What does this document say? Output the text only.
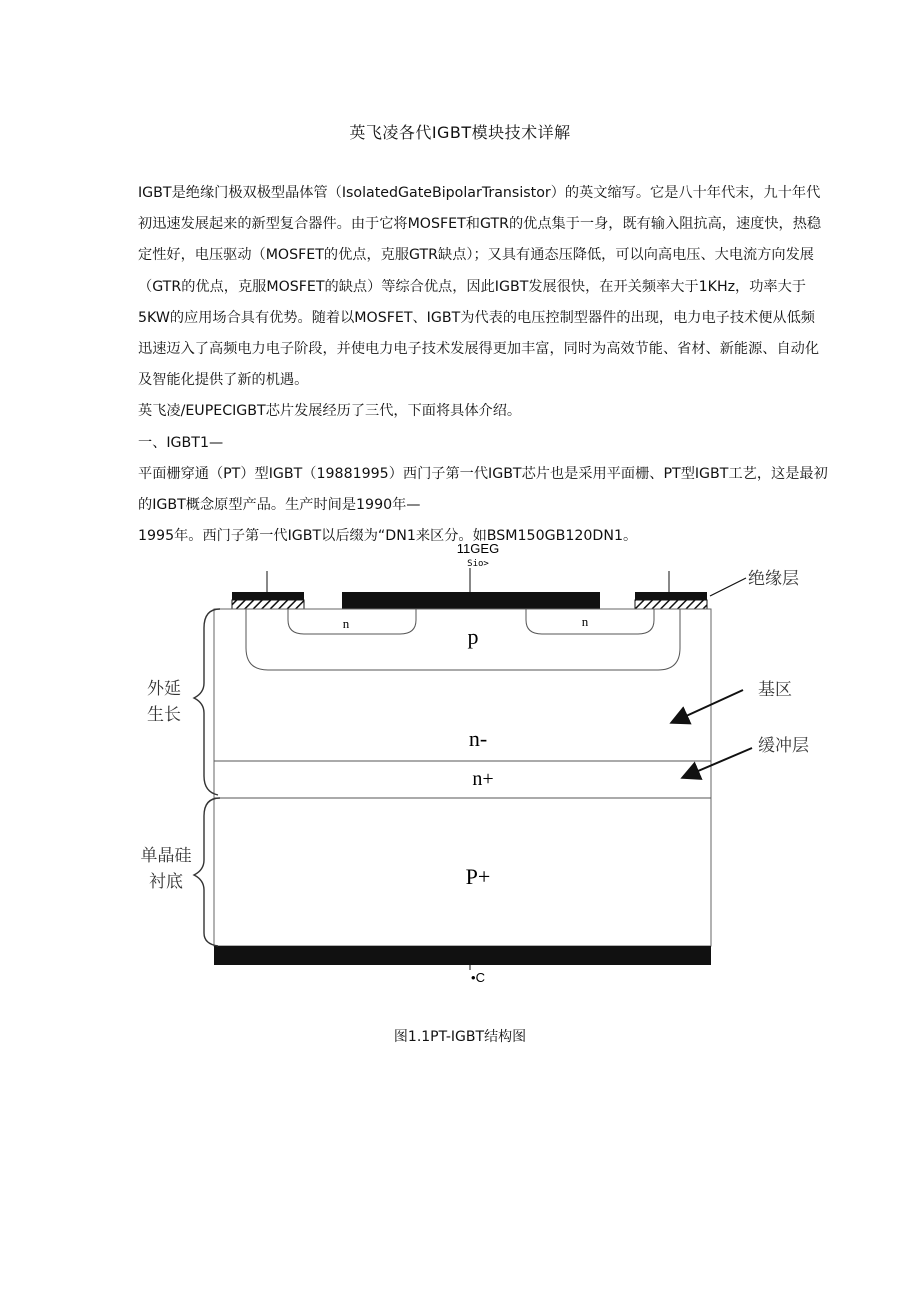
英飞凌各代IGBT模块技术详解

IGBT是绝缘门极双极型晶体管（IsolatedGateBipolarTransistor）的英文缩写。它是八十年代末，九十年代初迅速发展起来的新型复合器件。由于它将MOSFET和GTR的优点集于一身，既有输入阻抗高，速度快，热稳定性好，电压驱动（MOSFET的优点，克服GTR缺点）；又具有通态压降低，可以向高电压、大电流方向发展（GTR的优点，克服MOSFET的缺点）等综合优点，因此IGBT发展很快，在开关频率大于1KHz，功率大于5KW的应用场合具有优势。随着以MOSFET、IGBT为代表的电压控制型器件的出现，电力电子技术便从低频迅速迈入了高频电力电子阶段，并使电力电子技术发展得更加丰富，同时为高效节能、省材、新能源、自动化及智能化提供了新的机遇。

英飞凌/EUPECIGBT芯片发展经历了三代，下面将具体介绍。

一、IGBT1—

平面栅穿通（PT）型IGBT（19881995）西门子第一代IGBT芯片也是采用平面栅、PT型IGBT工艺，这是最初的IGBT概念原型产品。生产时间是1990年—

1995年。西门子第一代IGBT以后缀为“DN1来区分。如BSM150GB120DN1。

11GEG
Sio>
n	n
p
n-
n+
P+
•C
外延
生长
单晶硅
衬底
绝缘层
基区
缓冲层
图1.1PT-IGBT结构图
